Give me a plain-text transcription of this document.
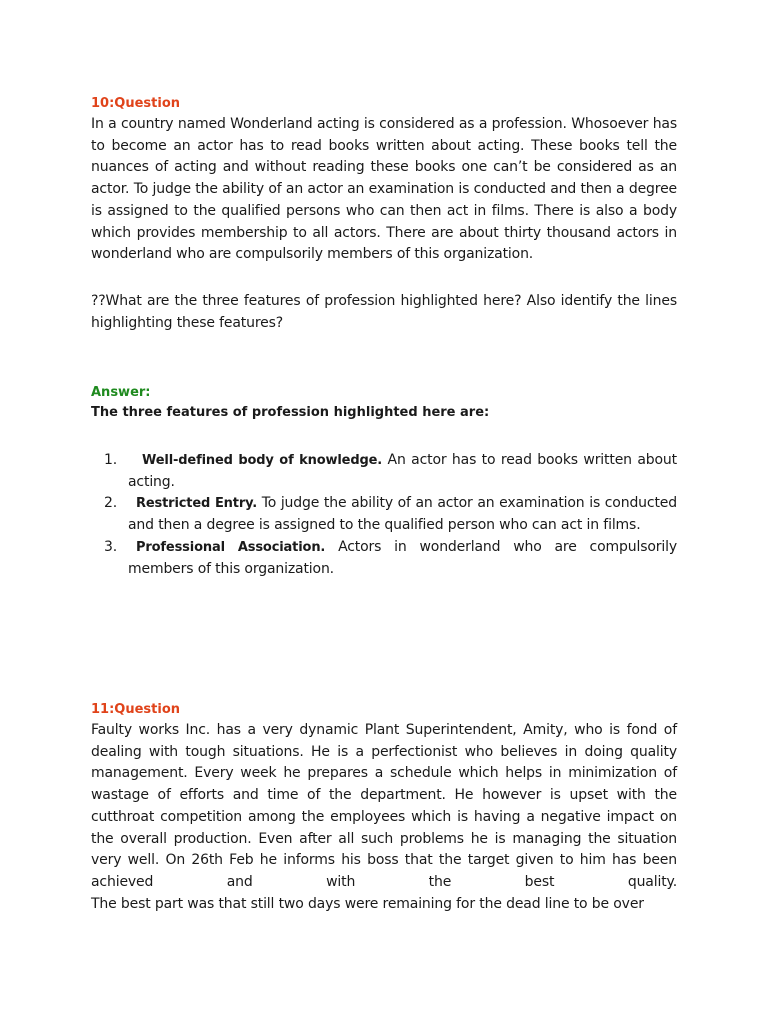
10:Question

In a country named Wonderland acting is considered as a profession. Whosoever has to become an actor has to read books written about acting. These books tell the nuances of acting and without reading these books one can’t be considered as an actor. To judge the ability of an actor an examination is conducted and then a degree is assigned to the qualified persons who can then act in films. There is also a body which provides membership to all actors. There are about thirty thousand actors in wonderland who are compulsorily members of this organization.

??What are the three features of profession highlighted here? Also identify the lines highlighting these features?

Answer:

The three features of profession highlighted here are:

1. Well-defined body of knowledge. An actor has to read books written about acting.
2. Restricted Entry. To judge the ability of an actor an examination is conducted and then a degree is assigned to the qualified person who can act in films.
3. Professional Association. Actors in wonderland who are compulsorily members of this organization.

11:Question

Faulty works Inc. has a very dynamic Plant Superintendent, Amity, who is fond of dealing with tough situations. He is a perfectionist who believes in doing quality management. Every week he prepares a schedule which helps in minimization of wastage of efforts and time of the department. He however is upset with the cutthroat competition among the employees which is having a negative impact on the overall production. Even after all such problems he is managing the situation very well. On 26th Feb he informs his boss that the target given to him has been achieved and with the best quality.

The best part was that still two days were remaining for the dead line to be over
